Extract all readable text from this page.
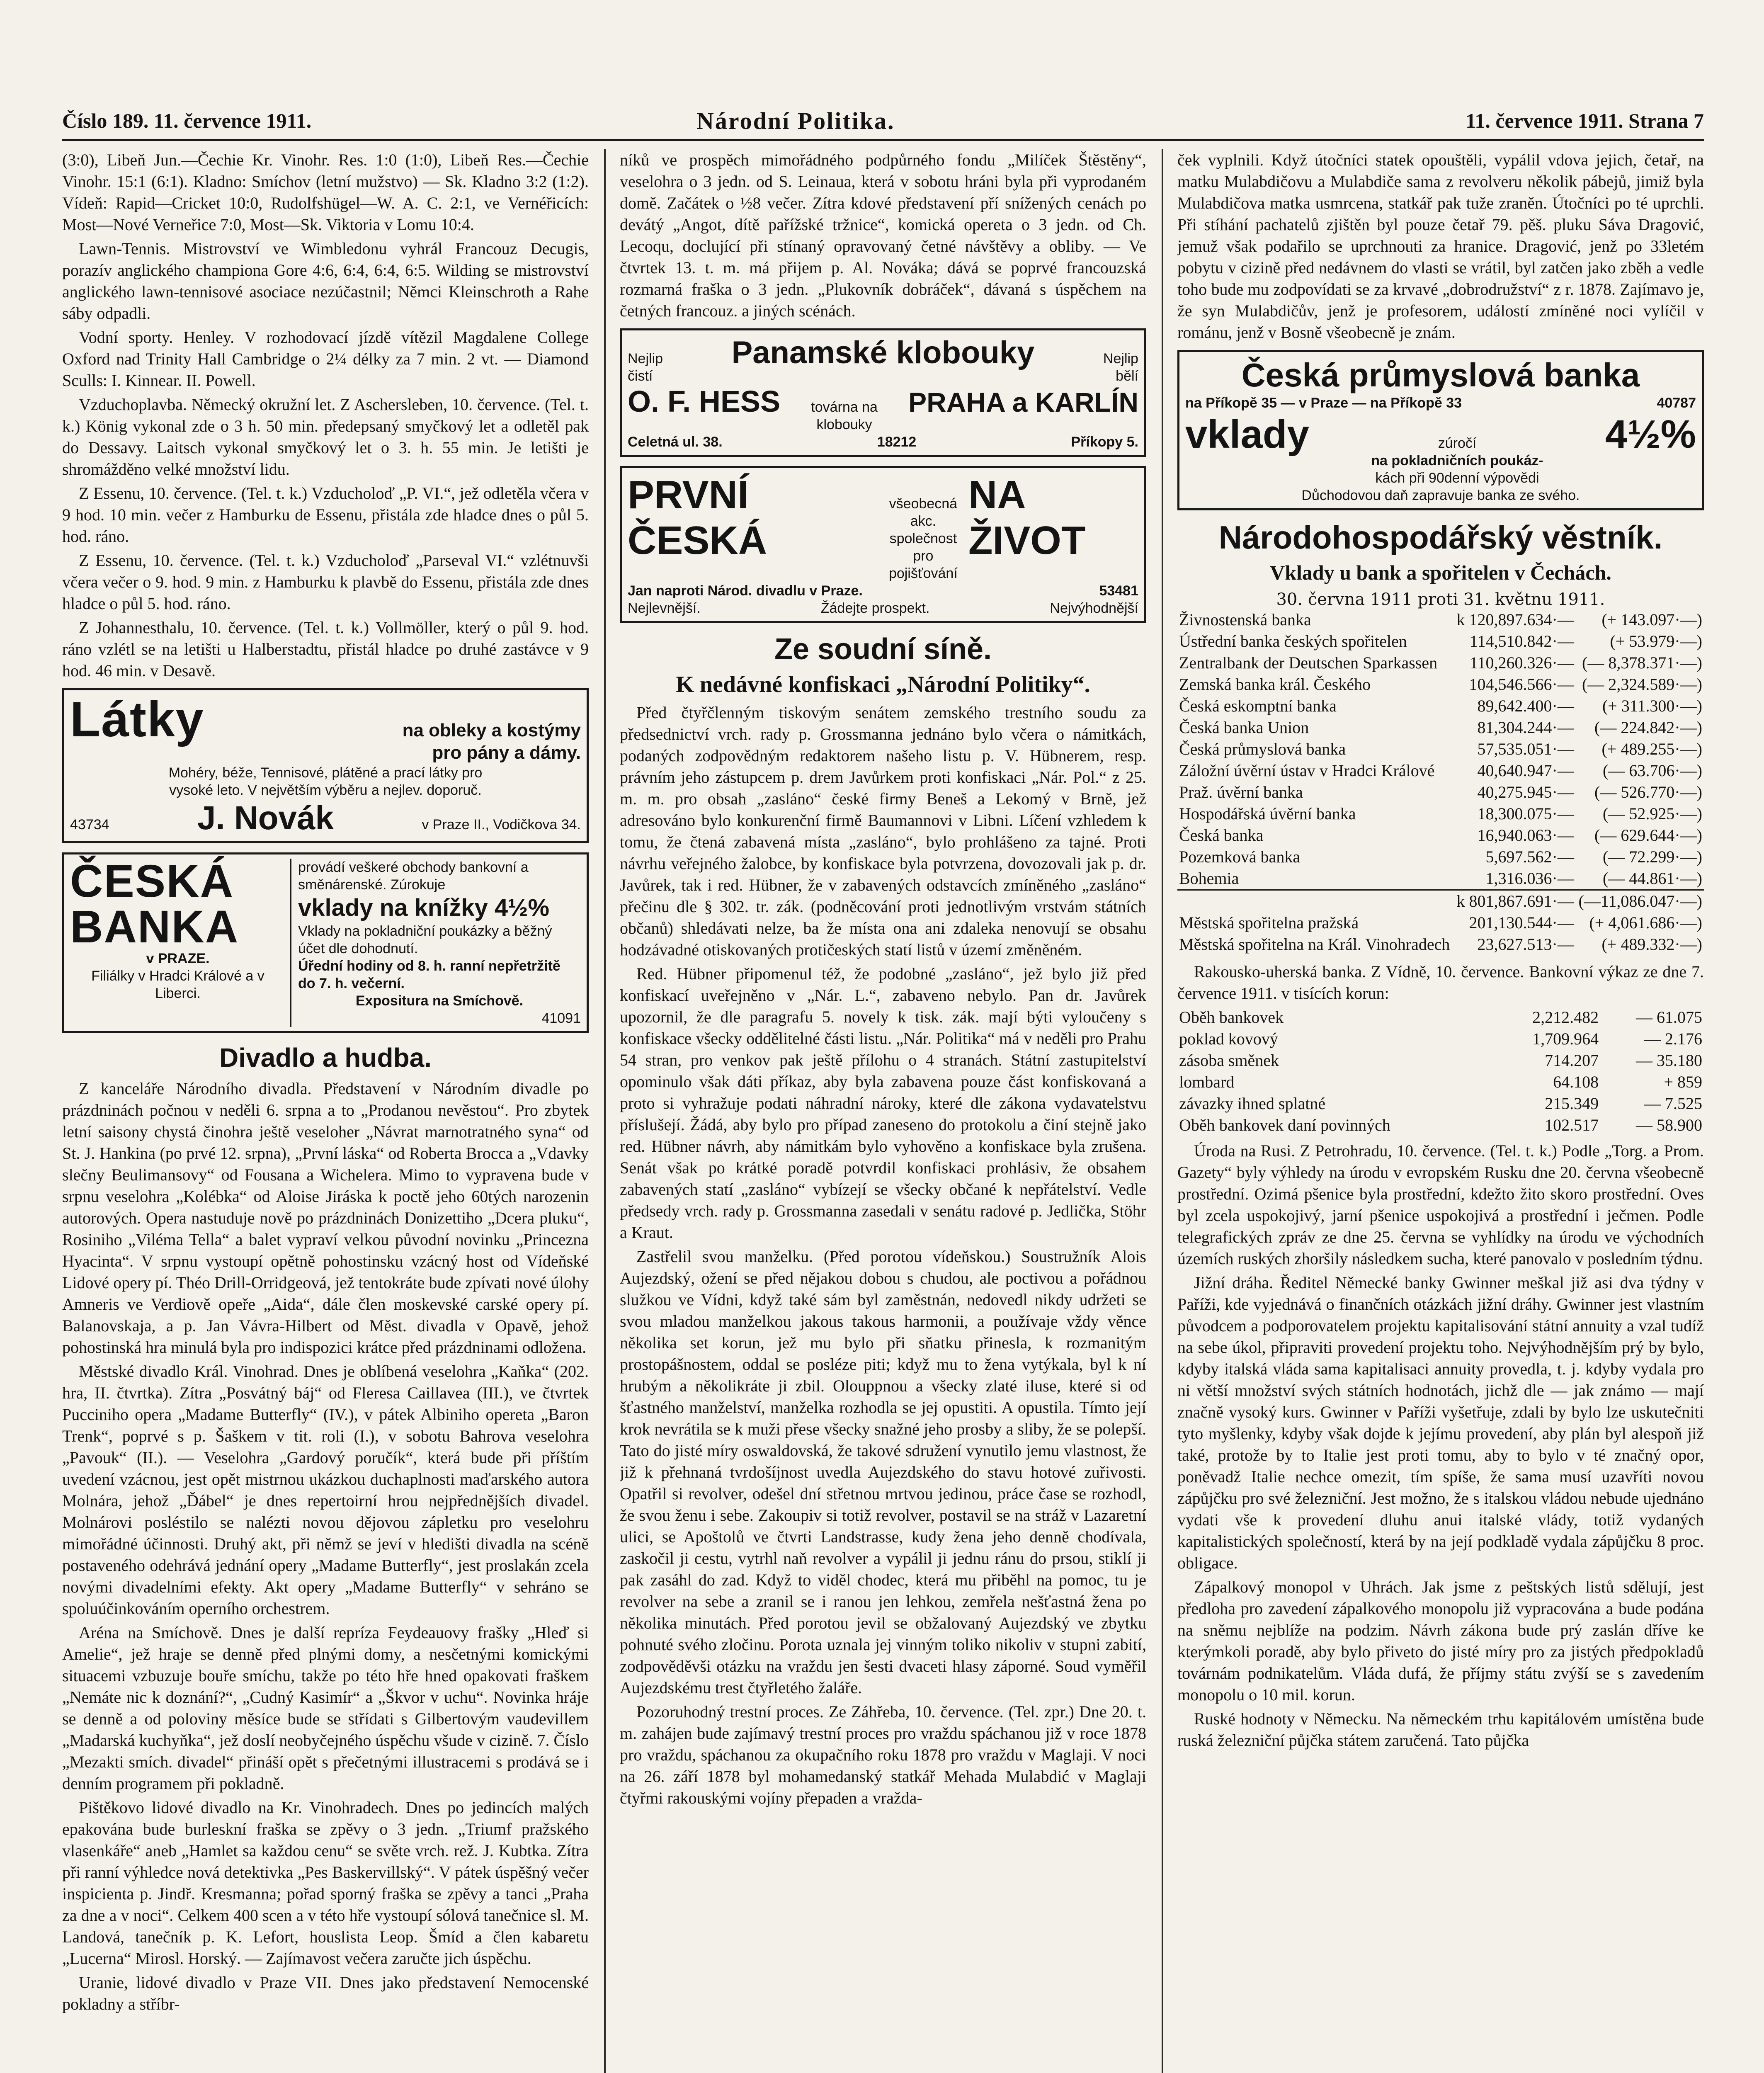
Číslo 189. 11. července 1911.	Národní Politika.	11. července 1911. Strana 7

(3:0), Libeň Jun.—Čechie Kr. Vinohr. Res. 1:0 (1:0), Libeň Res.—Čechie Vinohr. 15:1 (6:1). Kladno: Smíchov (letní mužstvo) — Sk. Kladno 3:2 (1:2). Vídeň: Rapid—Cricket 10:0, Rudolfshügel—W. A. C. 2:1, ve Vernéřicích: Most—Nové Verneřice 7:0, Most—Sk. Viktoria v Lomu 10:4.

Lawn-Tennis. Mistrovství ve Wimbledonu vyhrál Francouz Decugis, porazív anglického championa Gore 4:6, 6:4, 6:4, 6:5. Wilding se mistrovství anglického lawn-tennisové asociace nezúčastnil; Němci Kleinschroth a Rahe sáby odpadli.

Vodní sporty. Henley. V rozhodovací jízdě vítězil Magdalene College Oxford nad Trinity Hall Cambridge o 2¼ délky za 7 min. 2 vt. — Diamond Sculls: I. Kinnear. II. Powell.

Vzduchoplavba. Německý okružní let. Z Aschersleben, 10. července. (Tel. t. k.) König vykonal zde o 3 h. 50 min. předepsaný smyčkový let a odletěl pak do Dessavy. Laitsch vykonal smyčkový let o 3. h. 55 min. Je letišti je shromážděno velké množství lidu.

Z Essenu, 10. července. (Tel. t. k.) Vzducholoď „P. VI.“, jež odletěla včera v 9 hod. 10 min. večer z Hamburku de Essenu, přistála zde hladce dnes o půl 5. hod. ráno.

Z Essenu, 10. července. (Tel. t. k.) Vzducholoď „Parseval VI.“ vzlétnuvši včera večer o 9. hod. 9 min. z Hamburku k plavbě do Essenu, přistála zde dnes hladce o půl 5. hod. ráno.

Z Johannesthalu, 10. července. (Tel. t. k.) Vollmöller, který o půl 9. hod. ráno vzlétl se na letišti u Halberstadtu, přistál hladce po druhé zastávce v 9 hod. 46 min. v Desavě.

Látky	na obleky a kostýmy
pro pány a dámy.
Mohéry, béže, Tennisové, plátěné a prací látky pro
vysoké leto. V největším výběru a nejlev. doporuč.
43734	J. Novák	v Praze II., Vodičkova 34.
ČESKÁ
BANKA
v PRAZE.
Filiálky v Hradci Králové a v Liberci.
provádí veškeré obchody bankovní a směnárenské. Zúrokuje
vklady na knížky 4½%
Vklady na pokladniční poukázky a běžný účet dle dohodnutí.
Úřední hodiny od 8. h. ranní nepřetržitě do 7. h. večerní.
Expositura na Smíchově.
41091
Divadlo a hudba.

Z kanceláře Národního divadla. Představení v Národním divadle po prázdninách počnou v neděli 6. srpna a to „Prodanou nevěstou“. Pro zbytek letní saisony chystá činohra ještě veseloher „Návrat marnotratného syna“ od St. J. Hankina (po prvé 12. srpna), „První láska“ od Roberta Brocca a „Vdavky slečny Beulimansovy“ od Fousana a Wichelera. Mimo to vypravena bude v srpnu veselohra „Kolébka“ od Aloise Jiráska k poctě jeho 60tých narozenin autorových. Opera nastuduje nově po prázdninách Donizettiho „Dcera pluku“, Rosiniho „Viléma Tella“ a balet vypraví velkou původní novinku „Princezna Hyacinta“. V srpnu vystoupí opětně pohostinsku vzácný host od Vídeňské Lidové opery pí. Théo Drill-Orridgeová, jež tentokráte bude zpívati nové úlohy Amneris ve Verdiově opeře „Aida“, dále člen moskevské carské opery pí. Balanovskaja, a p. Jan Vávra-Hilbert od Měst. divadla v Opavě, jehož pohostinská hra minulá byla pro indispozici krátce před prázdninami odložena.

Městské divadlo Král. Vinohrad. Dnes je oblíbená veselohra „Kaňka“ (202. hra, II. čtvrtka). Zítra „Posvátný báj“ od Fleresa Caillavea (III.), ve čtvrtek Pucciniho opera „Madame Butterfly“ (IV.), v pátek Albiniho opereta „Baron Trenk“, poprvé s p. Šaškem v tit. roli (I.), v sobotu Bahrova veselohra „Pavouk“ (II.). — Veselohra „Gardový poručík“, která bude při příštím uvedení vzácnou, jest opět mistrnou ukázkou duchaplnosti maďarského autora Molnára, jehož „Ďábel“ je dnes repertoirní hrou nejpřednějších divadel. Molnárovi posléstilo se nalézti novou dějovou zápletku pro veselohru mimořádné účinnosti. Druhý akt, při němž se jeví v hledišti divadla na scéně postaveného odehrává jednání opery „Madame Butterfly“, jest proslakán zcela novými divadelními efekty. Akt opery „Madame Butterfly“ v sehráno se spoluúčinkováním operního orchestrem.

Aréna na Smíchově. Dnes je další repríza Feydeauovy frašky „Hleď si Amelie“, jež hraje se denně před plnými domy, a nesčetnými komickými situacemi vzbuzuje bouře smíchu, takže po této hře hned opakovati fraškem „Nemáte nic k doznání?“, „Cudný Kasimír“ a „Škvor v uchu“. Novinka hráje se denně a od poloviny měsíce bude se střídati s Gilbertovým vaudevillem „Madarská kuchyňka“, jež doslí neobyčejného úspěchu všude v cizině. 7. Číslo „Mezakti smích. divadel“ přináší opět s přečetnými illustracemi s prodává se i denním programem při pokladně.

Pištěkovo lidové divadlo na Kr. Vinohradech. Dnes po jedincích malých epakována bude burleskní fraška se zpěvy o 3 jedn. „Triumf pražského vlasenkáře“ aneb „Hamlet sa každou cenu“ se světe vrch. rež. J. Kubtka. Zítra při ranní výhledce nová detektivka „Pes Baskervillský“. V pátek úspěšný večer inspicienta p. Jindř. Kresmanna; pořad sporný fraška se zpěvy a tanci „Praha za dne a v noci“. Celkem 400 scen a v této hře vystoupí sólová tanečnice sl. M. Landová, tanečník p. K. Lefort, houslista Leop. Šmíd a člen kabaretu „Lucerna“ Mirosl. Horský. — Zajímavost večera zaručte jich úspěchu.

Uranie, lidové divadlo v Praze VII. Dnes jako představení Nemocenské pokladny a stříbr-

níků ve prospěch mimořádného podpůrného fondu „Milíček Štěstěny“, veselohra o 3 jedn. od S. Leinaua, která v sobotu hráni byla při vyprodaném domě. Začátek o ½8 večer. Zítra kdové představení pří snížených cenách po devátý „Angot, dítě pařížské tržnice“, komická opereta o 3 jedn. od Ch. Lecoqu, doclující při stínaný opravovaný četné návštěvy a obliby. — Ve čtvrtek 13. t. m. má přijem p. Al. Nováka; dává se poprvé francouzská rozmarná fraška o 3 jedn. „Plukovník dobráček“, dávaná s úspěchem na četných francouz. a jiných scénách.

Nejlip čistí
Panamské klobouky	Nejlip bělí
O. F. HESS továrna na
klobouky
PRAHA a KARLÍN
Celetná ul. 38.	18212	Příkopy 5.
PRVNÍ ČESKÁ
všeobecná akc.
společnost
pro
pojišťování
NA ŽIVOT
Jan naproti Národ. divadlu v Praze.	53481
Nejlevnější.	Žádejte prospekt.	Nejvýhodnější
Ze soudní síně.
K nedávné konfiskaci „Národní Politiky“.

Před čtyřčlenným tiskovým senátem zemského trestního soudu za předsednictví vrch. rady p. Grossmanna jednáno bylo včera o námitkách, podaných zodpovědným redaktorem našeho listu p. V. Hübnerem, resp. právním jeho zástupcem p. drem Javůrkem proti konfiskaci „Nár. Pol.“ z 25. m. m. pro obsah „zasláno“ české firmy Beneš a Lekomý v Brně, jež adresováno bylo konkurenční firmě Baumannovi v Libni. Líčení vzhledem k tomu, že čtená zabavená místa „zasláno“, bylo prohlášeno za tajné. Proti návrhu veřejného žalobce, by konfiskace byla potvrzena, dovozovali jak p. dr. Javůrek, tak i red. Hübner, že v zabavených odstavcích zmíněného „zasláno“ přečinu dle § 302. tr. zák. (podněcování proti jednotlivým vrstvám státních občanů) shledávati nelze, ba že místa ona ani zdaleka nenovují se obsahu hodzávadné otiskovaných protičeských statí listů v území změněném.

Red. Hübner připomenul též, že podobné „zasláno“, jež bylo již před konfiskací uveřejněno v „Nár. L.“, zabaveno nebylo. Pan dr. Javůrek upozornil, že dle paragrafu 5. novely k tisk. zák. mají býti vyloučeny s konfiskace všecky oddělitelné části listu. „Nár. Politika“ má v neděli pro Prahu 54 stran, pro venkov pak ještě přílohu o 4 stranách. Státní zastupitelství opominulo však dáti příkaz, aby byla zabavena pouze část konfiskovaná a proto si vyhražuje podati náhradní nároky, které dle zákona vydavatelstvu příslušejí. Žádá, aby bylo pro případ zaneseno do protokolu a činí stejně jako red. Hübner návrh, aby námitkám bylo vyhověno a konfiskace byla zrušena. Senát však po krátké poradě potvrdil konfiskaci prohlásiv, že obsahem zabavených statí „zasláno“ vybízejí se všecky občané k nepřátelství. Vedle předsedy vrch. rady p. Grossmanna zasedali v senátu radové p. Jedlička, Stöhr a Kraut.

Zastřelil svou manželku. (Před porotou vídeňskou.) Soustružník Alois Aujezdský, ožení se před nějakou dobou s chudou, ale poctivou a pořádnou služkou ve Vídni, když také sám byl zaměstnán, nedovedl nikdy udržeti se svou mladou manželkou jakous takous harmonii, a používaje vždy věnce několika set korun, jež mu bylo při sňatku přineslа, k rozmanitým prostopášnostem, oddal se posléze piti; když mu to žena vytýkala, byl k ní hrubým a několikráte ji zbil. Olouppnou a všecky zlaté iluse, které si od šťastného manželství, manželka rozhodla se jej opustiti. A opustila. Tímto její krok nevrátila se k muži přese všecky snažné jeho prosby a sliby, že se polepší. Tato do jisté míry oswaldovská, že takové sdružení vynutilo jemu vlastnost, že již k přehnaná tvrdošíjnost uvedla Aujezdského do stavu hotové zuřivosti. Opatřil si revolver, odešel dní střetnou mrtvou jedinou, práce čase se rozhodl, že svou ženu i sebe. Zakoupiv si totiž revolver, postavil se na stráž v Lazaretní ulici, se Apoštolů ve čtvrti Landstrasse, kudy žena jeho denně chodívala, zaskočil ji cestu, vytrhl naň revolver a vypálil ji jednu ránu do prsou, stiklí ji pak zasáhl do zad. Když to viděl chodec, která mu přiběhl na pomoc, tu je revolver na sebe a zranil se i ranou jen lehkou, zemřela nešťastná žena po několika minutách. Před porotou jevil se obžalovaný Aujezdský ve zbytku pohnuté svého zločinu. Porota uznala jej vinným toliko nikoliv v stupni zabití, zodpověděvši otázku na vraždu jen šesti dvaceti hlasy záporné. Soud vyměřil Aujezdskému trest čtyřletého žaláře.

Pozoruhodný trestní proces. Ze Záhřeba, 10. července. (Tel. zpr.) Dne 20. t. m. zahájen bude zajímavý trestní proces pro vraždu spáchanou již v roce 1878 pro vraždu, spáchanou za okupačního roku 1878 pro vraždu v Maglaji. V noci na 26. září 1878 byl mohamedanský statkář Mehada Mulabdić v Maglaji čtyřmi rakouskými vojíny přepaden a vražda-

ček vyplnili. Když útočníci statek opouštěli, vypálil vdova jejich, četař, na matku Mulabdičovu a Mulabdiče sama z revolveru několik pábejů, jimiž byla Mulabdičova matka usmrcena, statkář pak tuže zraněn. Útočníci po té uprchli. Při stíhání pachatelů zjištěn byl pouze četař 79. pěš. pluku Sáva Dragović, jemuž však podařilo se uprchnouti za hranice. Dragović, jenž po 33letém pobytu v cizině před nedávnem do vlasti se vrátil, byl zatčen jako zběh a vedle toho bude mu zodpovídati se za krvavé „dobrodružství“ z r. 1878. Zajímavo je, že syn Mulabdičův, jenž je profesorem, událostí zmíněné noci vylíčil v románu, jenž v Bosně všeobecně je znám.

Česká průmyslová banka
na Příkopě 35 — v Praze — na Příkopě 33	40787
vklady	zúročí
na pokladničních poukáz-
kách při 90denní výpovědi
4½%
Důchodovou daň zapravuje banka ze svého.
Národohospodářský věstník.
Vklady u bank a spořitelen v Čechách.
30. června 1911 proti 31. květnu 1911.
Živnostenská banka	k 120,897.634·—	(+ 143.097·—)
Ústřední banka českých spořitelen	114,510.842·—	(+ 53.979·—)
Zentralbank der Deutschen Sparkassen	110,260.326·—	(— 8,378.371·—)
Zemská banka král. Českého	104,546.566·—	(— 2,324.589·—)
Česká eskomptní banka	89,642.400·—	(+ 311.300·—)
Česká banka Union	81,304.244·—	(— 224.842·—)
Česká průmyslová banka	57,535.051·—	(+ 489.255·—)
Záložní úvěrní ústav v Hradci Králové	40,640.947·—	(— 63.706·—)
Praž. úvěrní banka	40,275.945·—	(— 526.770·—)
Hospodářská úvěrní banka	18,300.075·—	(— 52.925·—)
Česká banka	16,940.063·—	(— 629.644·—)
Pozemková banka	5,697.562·—	(— 72.299·—)
Bohemia	1,316.036·—	(— 44.861·—)
	k 801,867.691·—	(—11,086.047·—)
Městská spořitelna pražská	201,130.544·—	(+ 4,061.686·—)
Městská spořitelna na Král. Vinohradech	23,627.513·—	(+ 489.332·—)

Rakousko-uherská banka. Z Vídně, 10. července. Bankovní výkaz ze dne 7. července 1911. v tisících korun:

Oběh bankovek	2,212.482	— 61.075
poklad kovový	1,709.964	— 2.176
zásoba směnek	714.207	— 35.180
lombard	64.108	+ 859
závazky ihned splatné	215.349	— 7.525
Oběh bankovek daní povinných	102.517	— 58.900

Úroda na Rusi. Z Petrohradu, 10. července. (Tel. t. k.) Podle „Torg. a Prom. Gazety“ byly výhledy na úrodu v evropském Rusku dne 20. června všeobecně prostřední. Ozimá pšenice byla prostřední, kdežto žito skoro prostřední. Oves byl zcela uspokojivý, jarní pšenice uspokojivá a prostřední i ječmen. Podle telegrafických zpráv ze dne 25. června se vyhlídky na úrodu ve východních územích ruských zhoršily následkem sucha, které panovalo v posledním týdnu.

Jižní dráha. Ředitel Německé banky Gwinner meškal již asi dva týdny v Paříži, kde vyjednává o finančních otázkách jižní dráhy. Gwinner jest vlastním původcem a podporovatelem projektu kapitalisování státní annuity a vzal tudíž na sebe úkol, připraviti provedení projektu toho. Nejvýhodnějším prý by bylo, kdyby italská vláda sama kapitalisaci annuity provedla, t. j. kdyby vydala pro ni větší množství svých státních hodnotách, jichž dle — jak známo — mají značně vysoký kurs. Gwinner v Paříži vyšetřuje, zdali by bylo lze uskutečniti tyto myšlenky, kdyby však dojde k jejímu provedení, aby plán byl alespoň již také, protože by to Italie jest proti tomu, aby to bylo v té značný opor, poněvadž Italie nechce omezit, tím spíše, že sama musí uzavříti novou zápůjčku pro své železniční. Jest možno, že s italskou vládou nebude ujednáno vydati vše k provedení dluhu anui italské vlády, totiž vydaných kapitalistických společností, která by na její podkladě vydala zápůjčku 8 proc. obligace.

Zápalkový monopol v Uhrách. Jak jsme z peštských listů sdělují, jest předloha pro zavedení zápalkového monopolu již vypracována a bude podána na sněmu nejblíže na podzim. Návrh zákona bude prý zaslán dříve ke kterýmkoli poradě, aby bylo přiveto do jisté míry pro za jistých předpokladů továrnám podnikatelům. Vláda dufá, že příjmy státu zvýší se s zavedením monopolu o 10 mil. korun.

Ruské hodnoty v Německu. Na německém trhu kapitálovém umístěna bude ruská železniční půjčka státem zaručená. Tato půjčka
